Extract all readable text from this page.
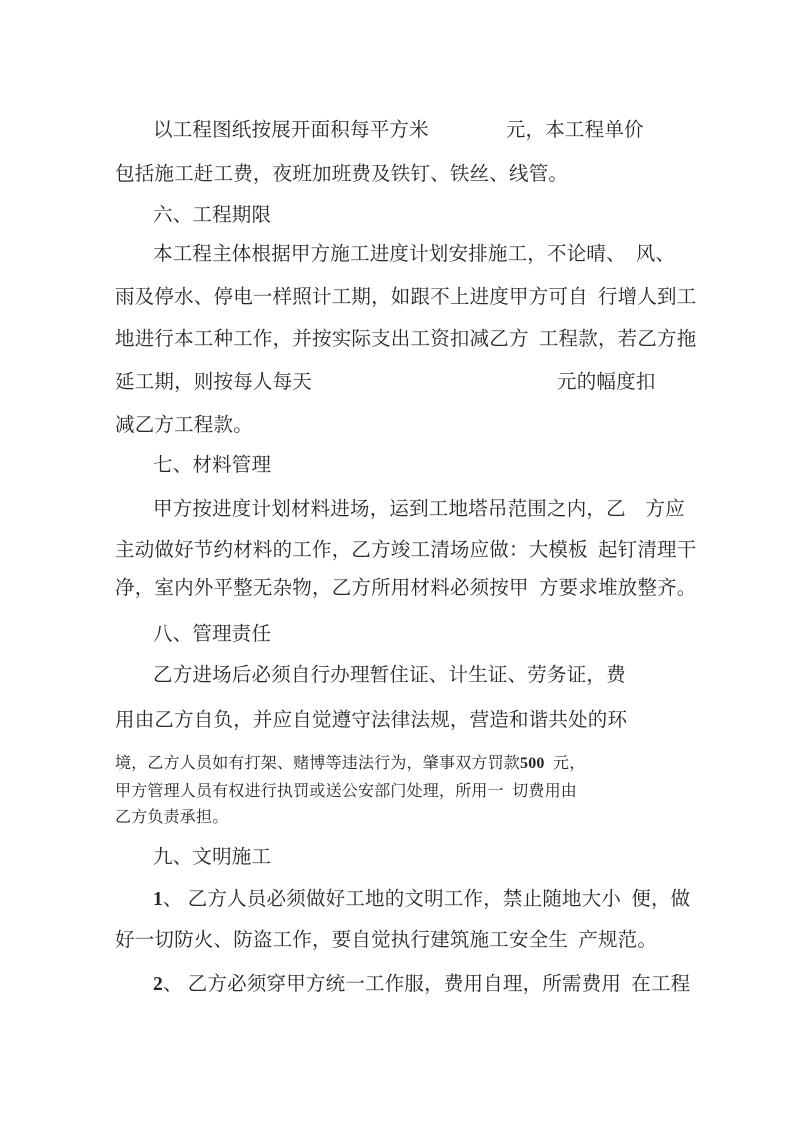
以工程图纸按展开面积每平方米	元，本工程单价
包括施工赶工费，夜班加班费及铁钉、铁丝、线管。
六、工程期限
本工程主体根据甲方施工进度计划安排施工，不论晴、　风、
雨及停水、停电一样照计工期，如跟不上进度甲方可自  行增人到工
地进行本工种工作，并按实际支出工资扣减乙方  工程款，若乙方拖
延工期，则按每人每天	元的幅度扣
减乙方工程款。
七、材料管理
甲方按进度计划材料进场，运到工地塔吊范围之内，乙　方应
主动做好节约材料的工作，乙方竣工清场应做：大模板  起钉清理干
净，室内外平整无杂物，乙方所用材料必须按甲  方要求堆放整齐。
八、管理责任
乙方进场后必须自行办理暂住证、计生证、劳务证，费
用由乙方自负，并应自觉遵守法律法规，营造和谐共处的环
境，乙方人员如有打架、赌博等违法行为，肇事双方罚款500  元，
甲方管理人员有权进行执罚或送公安部门处理，所用一  切费用由
乙方负责承担。
九、文明施工
1、 乙方人员必须做好工地的文明工作，禁止随地大小  便，做
好一切防火、防盗工作，要自觉执行建筑施工安全生  产规范。
2、 乙方必须穿甲方统一工作服，费用自理，所需费用  在工程
